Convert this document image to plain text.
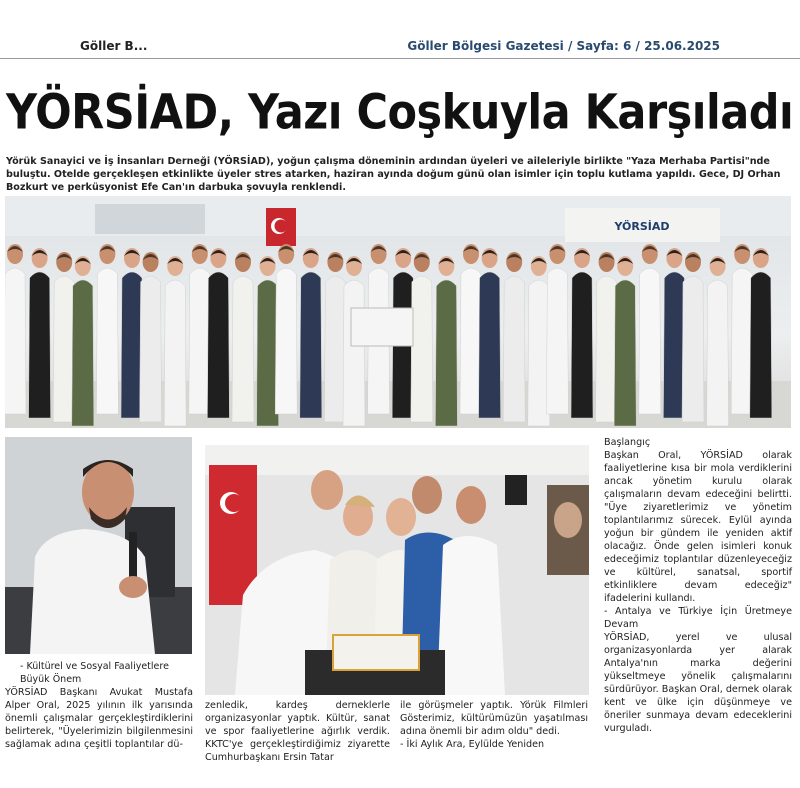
Göller B...	Göller Bölgesi Gazetesi / Sayfa: 6 / 25.06.2025
YÖRSİAD, Yazı Coşkuyla Karşıladı

Yörük Sanayici ve İş İnsanları Derneği (YÖRSİAD), yoğun çalışma döneminin ardından üyeleri ve aileleriyle birlikte "Yaza Merhaba Partisi"nde buluştu. Otelde gerçekleşen etkinlikte üyeler stres atarken, haziran ayında doğum günü olan isimler için toplu kutlama yapıldı. Gece, DJ Orhan Bozkurt ve perküsyonist Efe Can'ın darbuka şovuyla renklendi.

YÖRSİAD

- Kültürel ve Sosyal Faaliyetlere Büyük Önem

YÖRSİAD Başkanı Avukat Mustafa Alper Oral, 2025 yılının ilk yarısında önemli çalışmalar gerçekleştirdiklerini belirterek, "Üyelerimizin bilgilenmesini sağlamak adına çeşitli toplantılar dü-

zenledik, kardeş derneklerle organizasyonlar yaptık. Kültür, sanat ve spor faaliyetlerine ağırlık verdik. KKTC'ye gerçekleştirdiğimiz ziyarette Cumhurbaşkanı Ersin Tatar

ile görüşmeler yaptık. Yörük Filmleri Gösterimiz, kültürümüzün yaşatılması adına önemli bir adım oldu" dedi.

- İki Aylık Ara, Eylülde Yeniden

Başlangıç

Başkan Oral, YÖRSİAD olarak faaliyetlerine kısa bir mola verdiklerini ancak yönetim kurulu olarak çalışmaların devam edeceğini belirtti. "Üye ziyaretlerimiz ve yönetim toplantılarımız sürecek. Eylül ayında yoğun bir gündem ile yeniden aktif olacağız. Önde gelen isimleri konuk edeceğimiz toplantılar düzenleyeceğiz ve kültürel, sanatsal, sportif etkinliklere devam edeceğiz" ifadelerini kullandı.

- Antalya ve Türkiye İçin Üretmeye Devam

YÖRSİAD, yerel ve ulusal organizasyonlarda yer alarak Antalya'nın marka değerini yükseltmeye yönelik çalışmalarını sürdürüyor. Başkan Oral, dernek olarak kent ve ülke için düşünmeye ve öneriler sunmaya devam edeceklerini vurguladı.
